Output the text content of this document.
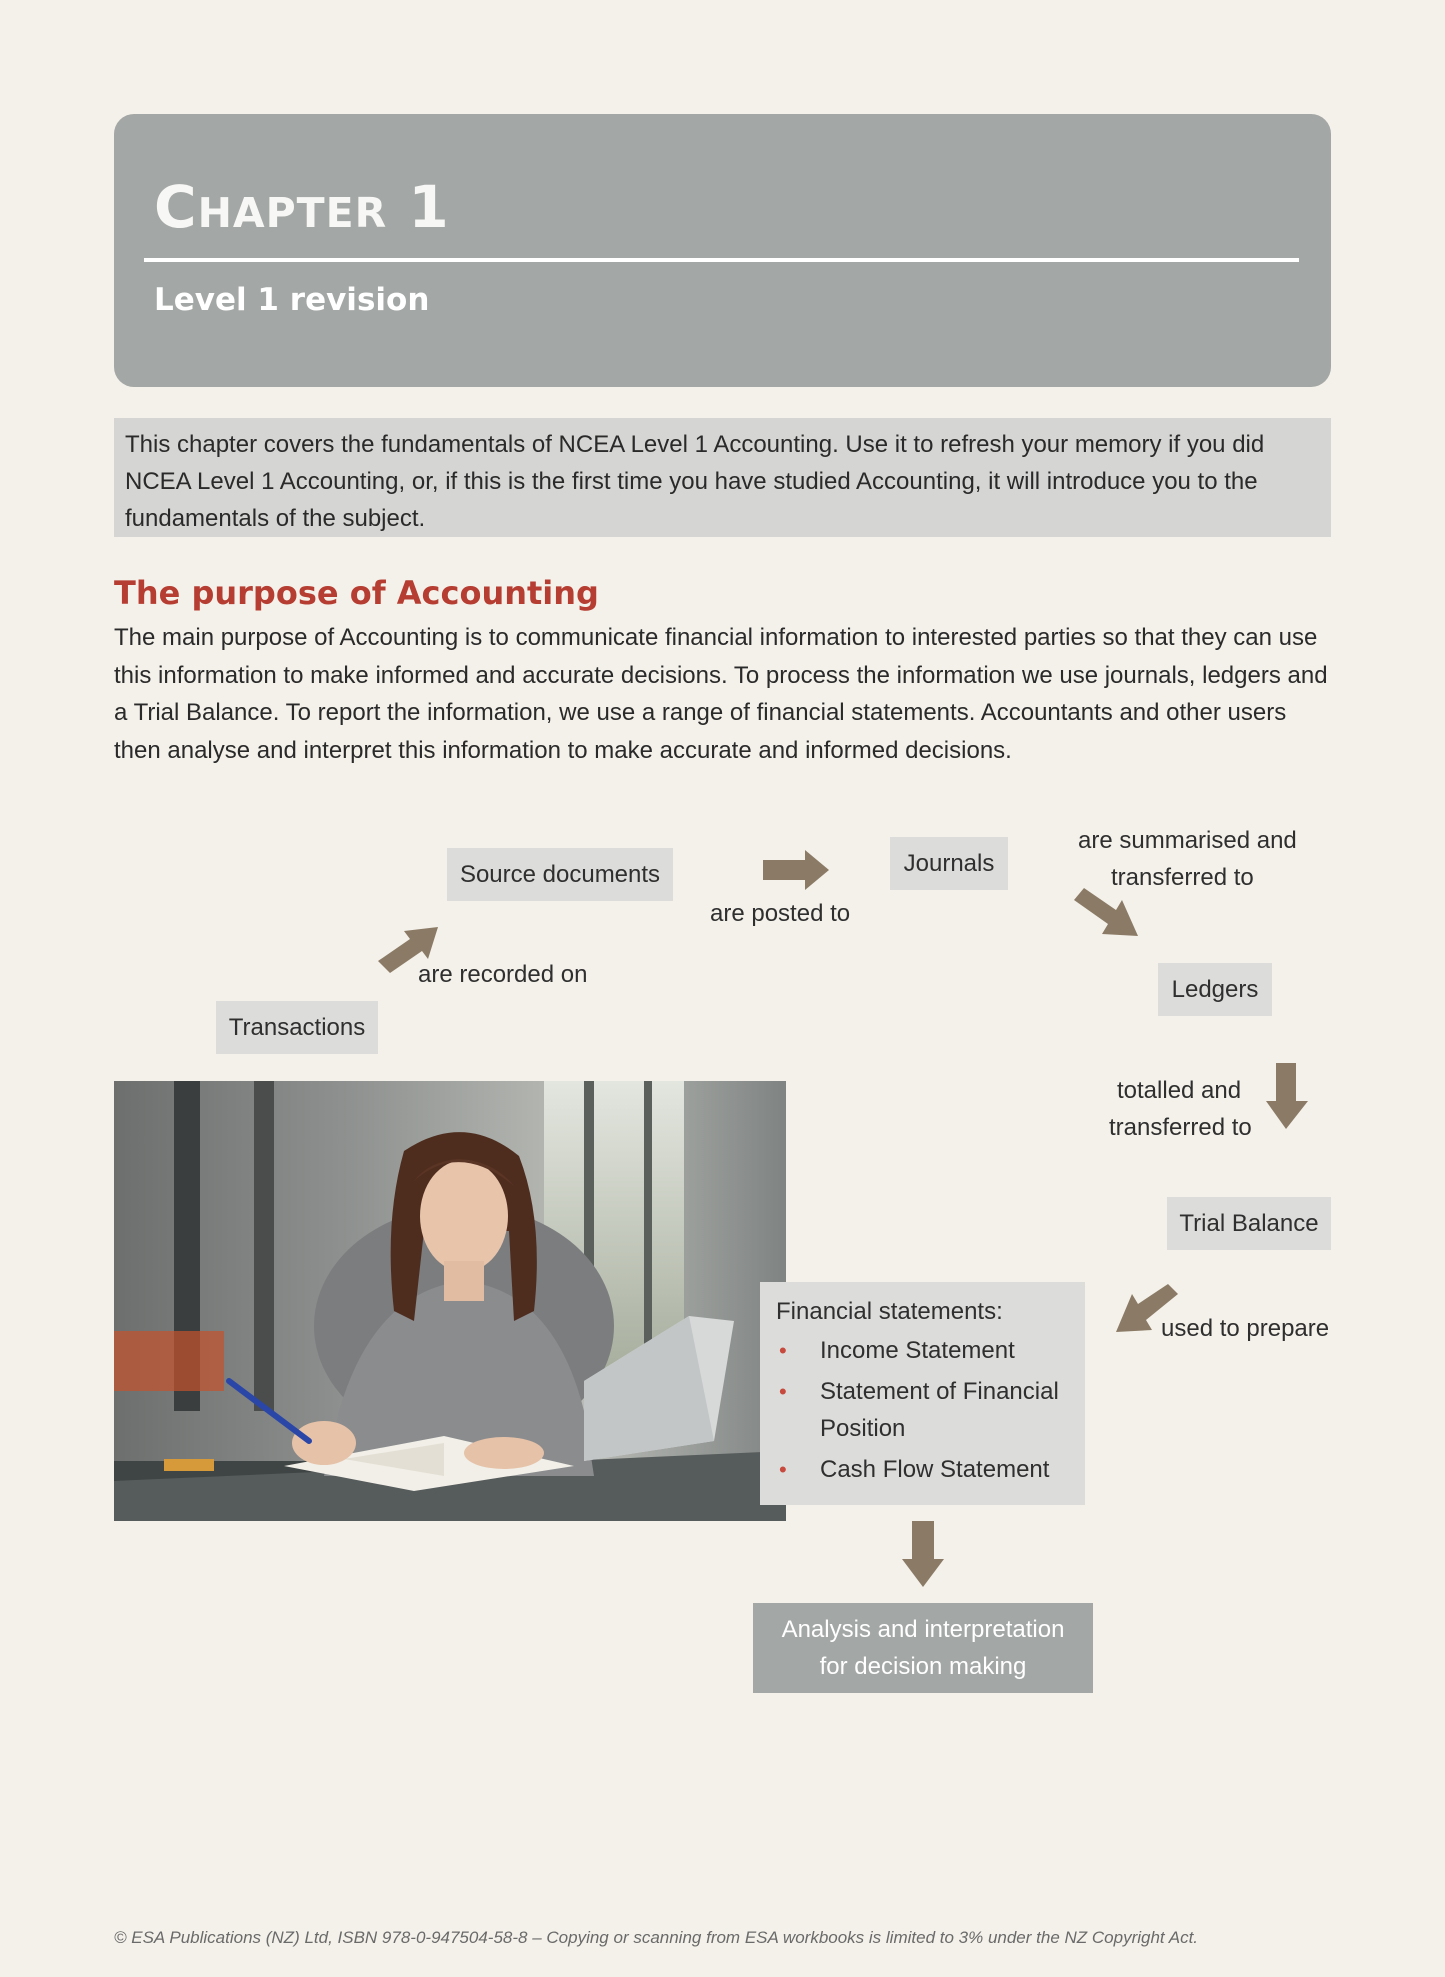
Chapter 1
Level 1 revision
This chapter covers the fundamentals of NCEA Level 1 Accounting. Use it to refresh your memory if you did NCEA Level 1 Accounting, or, if this is the first time you have studied Accounting, it will introduce you to the fundamentals of the subject.
The purpose of Accounting
The main purpose of Accounting is to communicate financial information to interested parties so that they can use this information to make informed and accurate decisions. To process the information we use journals, ledgers and a Trial Balance. To report the information, we use a range of financial statements. Accountants and other users then analyse and interpret this information to make accurate and informed decisions.
Transactions
are recorded on
Source documents
are posted to
Journals
are summarised and
transferred to
Ledgers
totalled and
transferred to
Trial Balance
used to prepare
Financial statements:
• Income Statement
• Statement of Financial Position
• Cash Flow Statement
Analysis and interpretation
for decision making
© ESA Publications (NZ) Ltd, ISBN 978-0-947504-58-8 – Copying or scanning from ESA workbooks is limited to 3% under the NZ Copyright Act.
